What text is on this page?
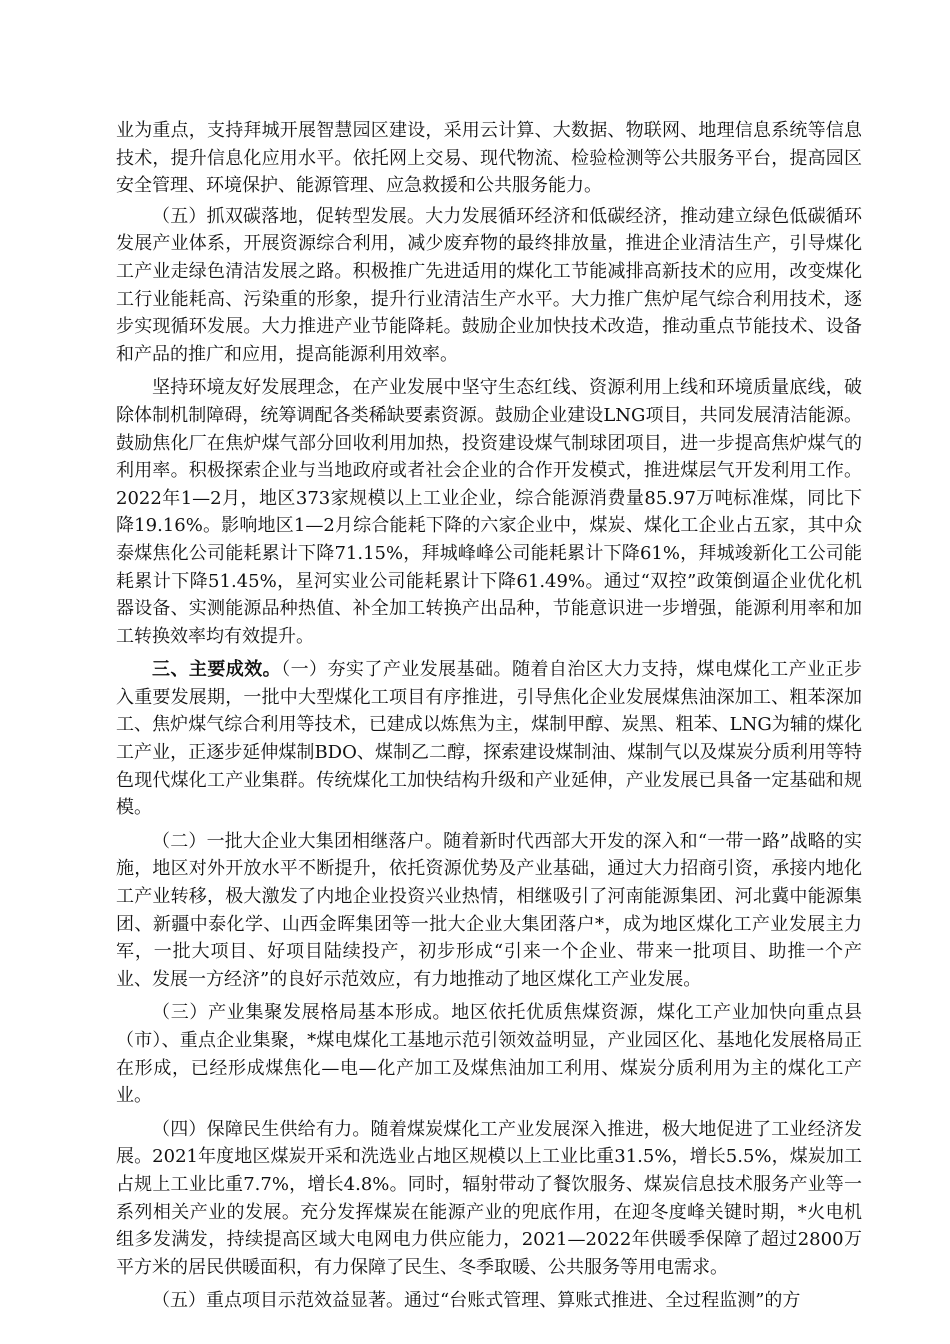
业为重点，支持拜城开展智慧园区建设，采用云计算、大数据、物联网、地理信息系统等信息技术，提升信息化应用水平。依托网上交易、现代物流、检验检测等公共服务平台，提高园区安全管理、环境保护、能源管理、应急救援和公共服务能力。

（五）抓双碳落地，促转型发展。大力发展循环经济和低碳经济，推动建立绿色低碳循环发展产业体系，开展资源综合利用，减少废弃物的最终排放量，推进企业清洁生产，引导煤化工产业走绿色清洁发展之路。积极推广先进适用的煤化工节能减排高新技术的应用，改变煤化工行业能耗高、污染重的形象，提升行业清洁生产水平。大力推广焦炉尾气综合利用技术，逐步实现循环发展。大力推进产业节能降耗。鼓励企业加快技术改造，推动重点节能技术、设备和产品的推广和应用，提高能源利用效率。

坚持环境友好发展理念，在产业发展中坚守生态红线、资源利用上线和环境质量底线，破除体制机制障碍，统筹调配各类稀缺要素资源。鼓励企业建设LNG项目，共同发展清洁能源。鼓励焦化厂在焦炉煤气部分回收利用加热，投资建设煤气制球团项目，进一步提高焦炉煤气的利用率。积极探索企业与当地政府或者社会企业的合作开发模式，推进煤层气开发利用工作。2022年1—2月，地区373家规模以上工业企业，综合能源消费量85.97万吨标准煤，同比下降19.16%。影响地区1—2月综合能耗下降的六家企业中，煤炭、煤化工企业占五家，其中众泰煤焦化公司能耗累计下降71.15%，拜城峰峰公司能耗累计下降61%，拜城竣新化工公司能耗累计下降51.45%，星河实业公司能耗累计下降61.49%。通过“双控”政策倒逼企业优化机器设备、实测能源品种热值、补全加工转换产出品种，节能意识进一步增强，能源利用率和加工转换效率均有效提升。

三、主要成效。（一）夯实了产业发展基础。随着自治区大力支持，煤电煤化工产业正步入重要发展期，一批中大型煤化工项目有序推进，引导焦化企业发展煤焦油深加工、粗苯深加工、焦炉煤气综合利用等技术，已建成以炼焦为主，煤制甲醇、炭黑、粗苯、LNG为辅的煤化工产业，正逐步延伸煤制BDO、煤制乙二醇，探索建设煤制油、煤制气以及煤炭分质利用等特色现代煤化工产业集群。传统煤化工加快结构升级和产业延伸，产业发展已具备一定基础和规模。

（二）一批大企业大集团相继落户。随着新时代西部大开发的深入和“一带一路”战略的实施，地区对外开放水平不断提升，依托资源优势及产业基础，通过大力招商引资，承接内地化工产业转移，极大激发了内地企业投资兴业热情，相继吸引了河南能源集团、河北冀中能源集团、新疆中泰化学、山西金晖集团等一批大企业大集团落户*，成为地区煤化工产业发展主力军，一批大项目、好项目陆续投产，初步形成“引来一个企业、带来一批项目、助推一个产业、发展一方经济”的良好示范效应，有力地推动了地区煤化工产业发展。

（三）产业集聚发展格局基本形成。地区依托优质焦煤资源，煤化工产业加快向重点县（市）、重点企业集聚，*煤电煤化工基地示范引领效益明显，产业园区化、基地化发展格局正在形成，已经形成煤焦化—电—化产加工及煤焦油加工利用、煤炭分质利用为主的煤化工产业。

（四）保障民生供给有力。随着煤炭煤化工产业发展深入推进，极大地促进了工业经济发展。2021年度地区煤炭开采和洗选业占地区规模以上工业比重31.5%，增长5.5%，煤炭加工占规上工业比重7.7%，增长4.8%。同时，辐射带动了餐饮服务、煤炭信息技术服务产业等一系列相关产业的发展。充分发挥煤炭在能源产业的兜底作用，在迎冬度峰关键时期，*火电机组多发满发，持续提高区域大电网电力供应能力，2021—2022年供暖季保障了超过2800万平方米的居民供暖面积，有力保障了民生、冬季取暖、公共服务等用电需求。

（五）重点项目示范效益显著。通过“台账式管理、算账式推进、全过程监测”的方
